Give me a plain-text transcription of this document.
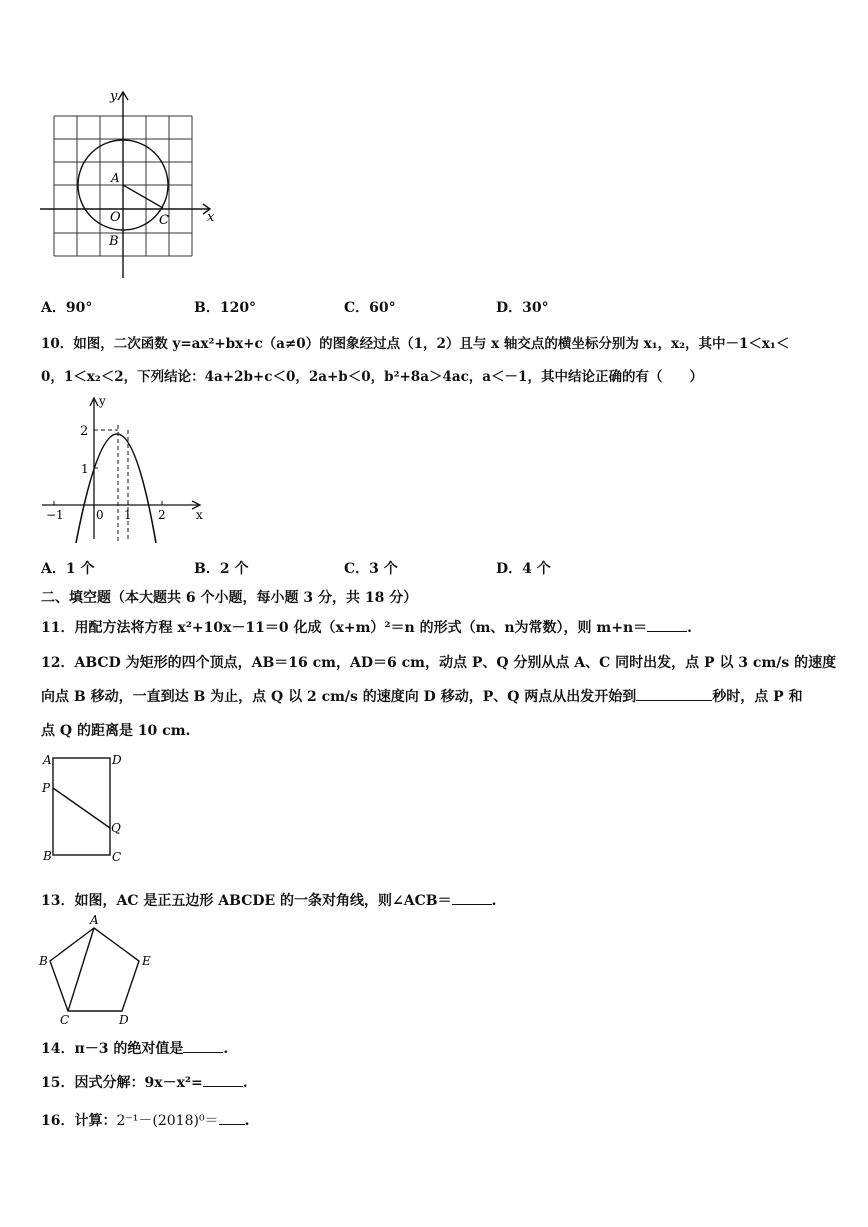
y
x
A
O	C
B
A．90°	B．120°	C．60°	D．30°
10．如图，二次函数 y=ax²+bx+c（a≠0）的图象经过点（1，2）且与 x 轴交点的横坐标分别为 x₁，x₂，其中－1＜x₁＜
0，1＜x₂＜2，下列结论：4a+2b+c＜0，2a+b＜0，b²+8a＞4ac，a＜－1，其中结论正确的有（　　）
y
x
2
1
−1	0 1 2
A．1 个	B．2 个	C．3 个	D．4 个
二、填空题（本大题共 6 个小题，每小题 3 分，共 18 分）
11．用配方法将方程 x²+10x－11＝0 化成（x+m）²＝n 的形式（m、n为常数），则 m+n＝	.
12．ABCD 为矩形的四个顶点，AB＝16 cm，AD＝6 cm，动点 P、Q 分别从点 A、C 同时出发，点 P 以 3 cm/s 的速度
向点 B 移动，一直到达 B 为止，点 Q 以 2 cm/s 的速度向 D 移动，P、Q 两点从出发开始到	秒时，点 P 和
点 Q 的距离是 10 cm.
A	D
P
Q
B	C
13．如图，AC 是正五边形 ABCDE 的一条对角线，则∠ACB＝	.
A
B	E
C	D
14．π－3 的绝对值是	.
15．因式分解：9x－x²=	.
16．计算：2⁻¹－(2018)⁰＝ .
